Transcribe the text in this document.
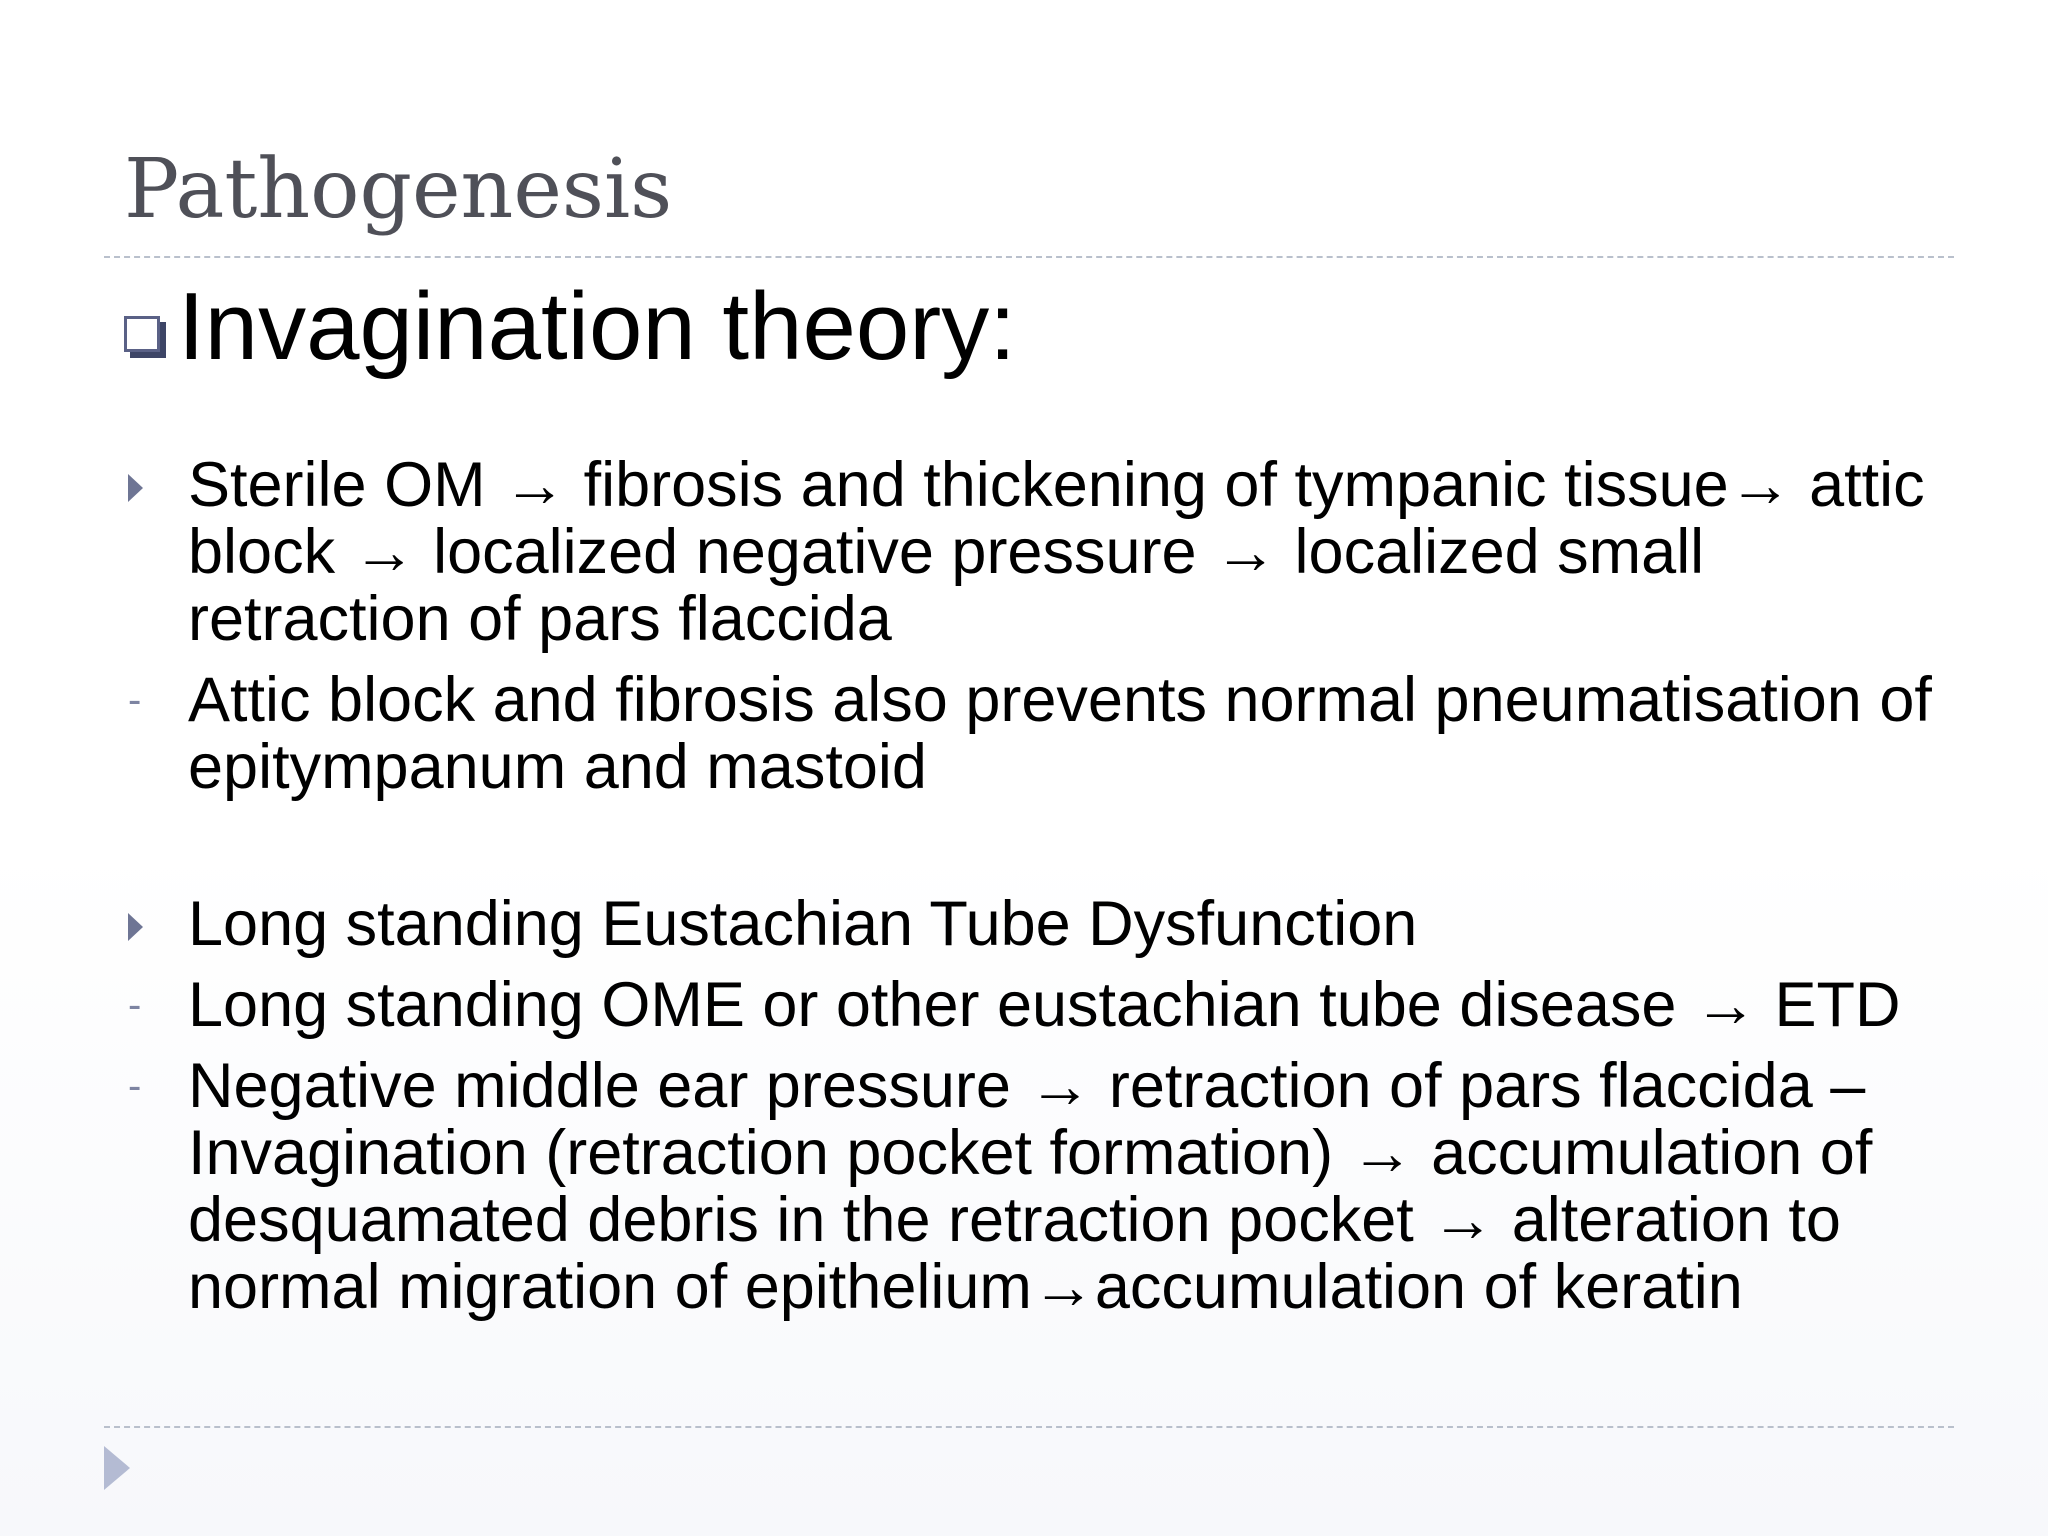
Pathogenesis
Invagination theory:
Sterile OM → fibrosis and thickening of tympanic tissue→ attic block → localized negative pressure → localized small retraction of pars flaccida
- Attic block and fibrosis also prevents normal pneumatisation of epitympanum and mastoid
Long standing Eustachian Tube Dysfunction
- Long standing OME or other eustachian tube disease → ETD
- Negative middle ear pressure → retraction of pars flaccida – Invagination (retraction pocket formation) → accumulation of desquamated debris in the retraction pocket → alteration to normal migration of epithelium→accumulation of keratin
